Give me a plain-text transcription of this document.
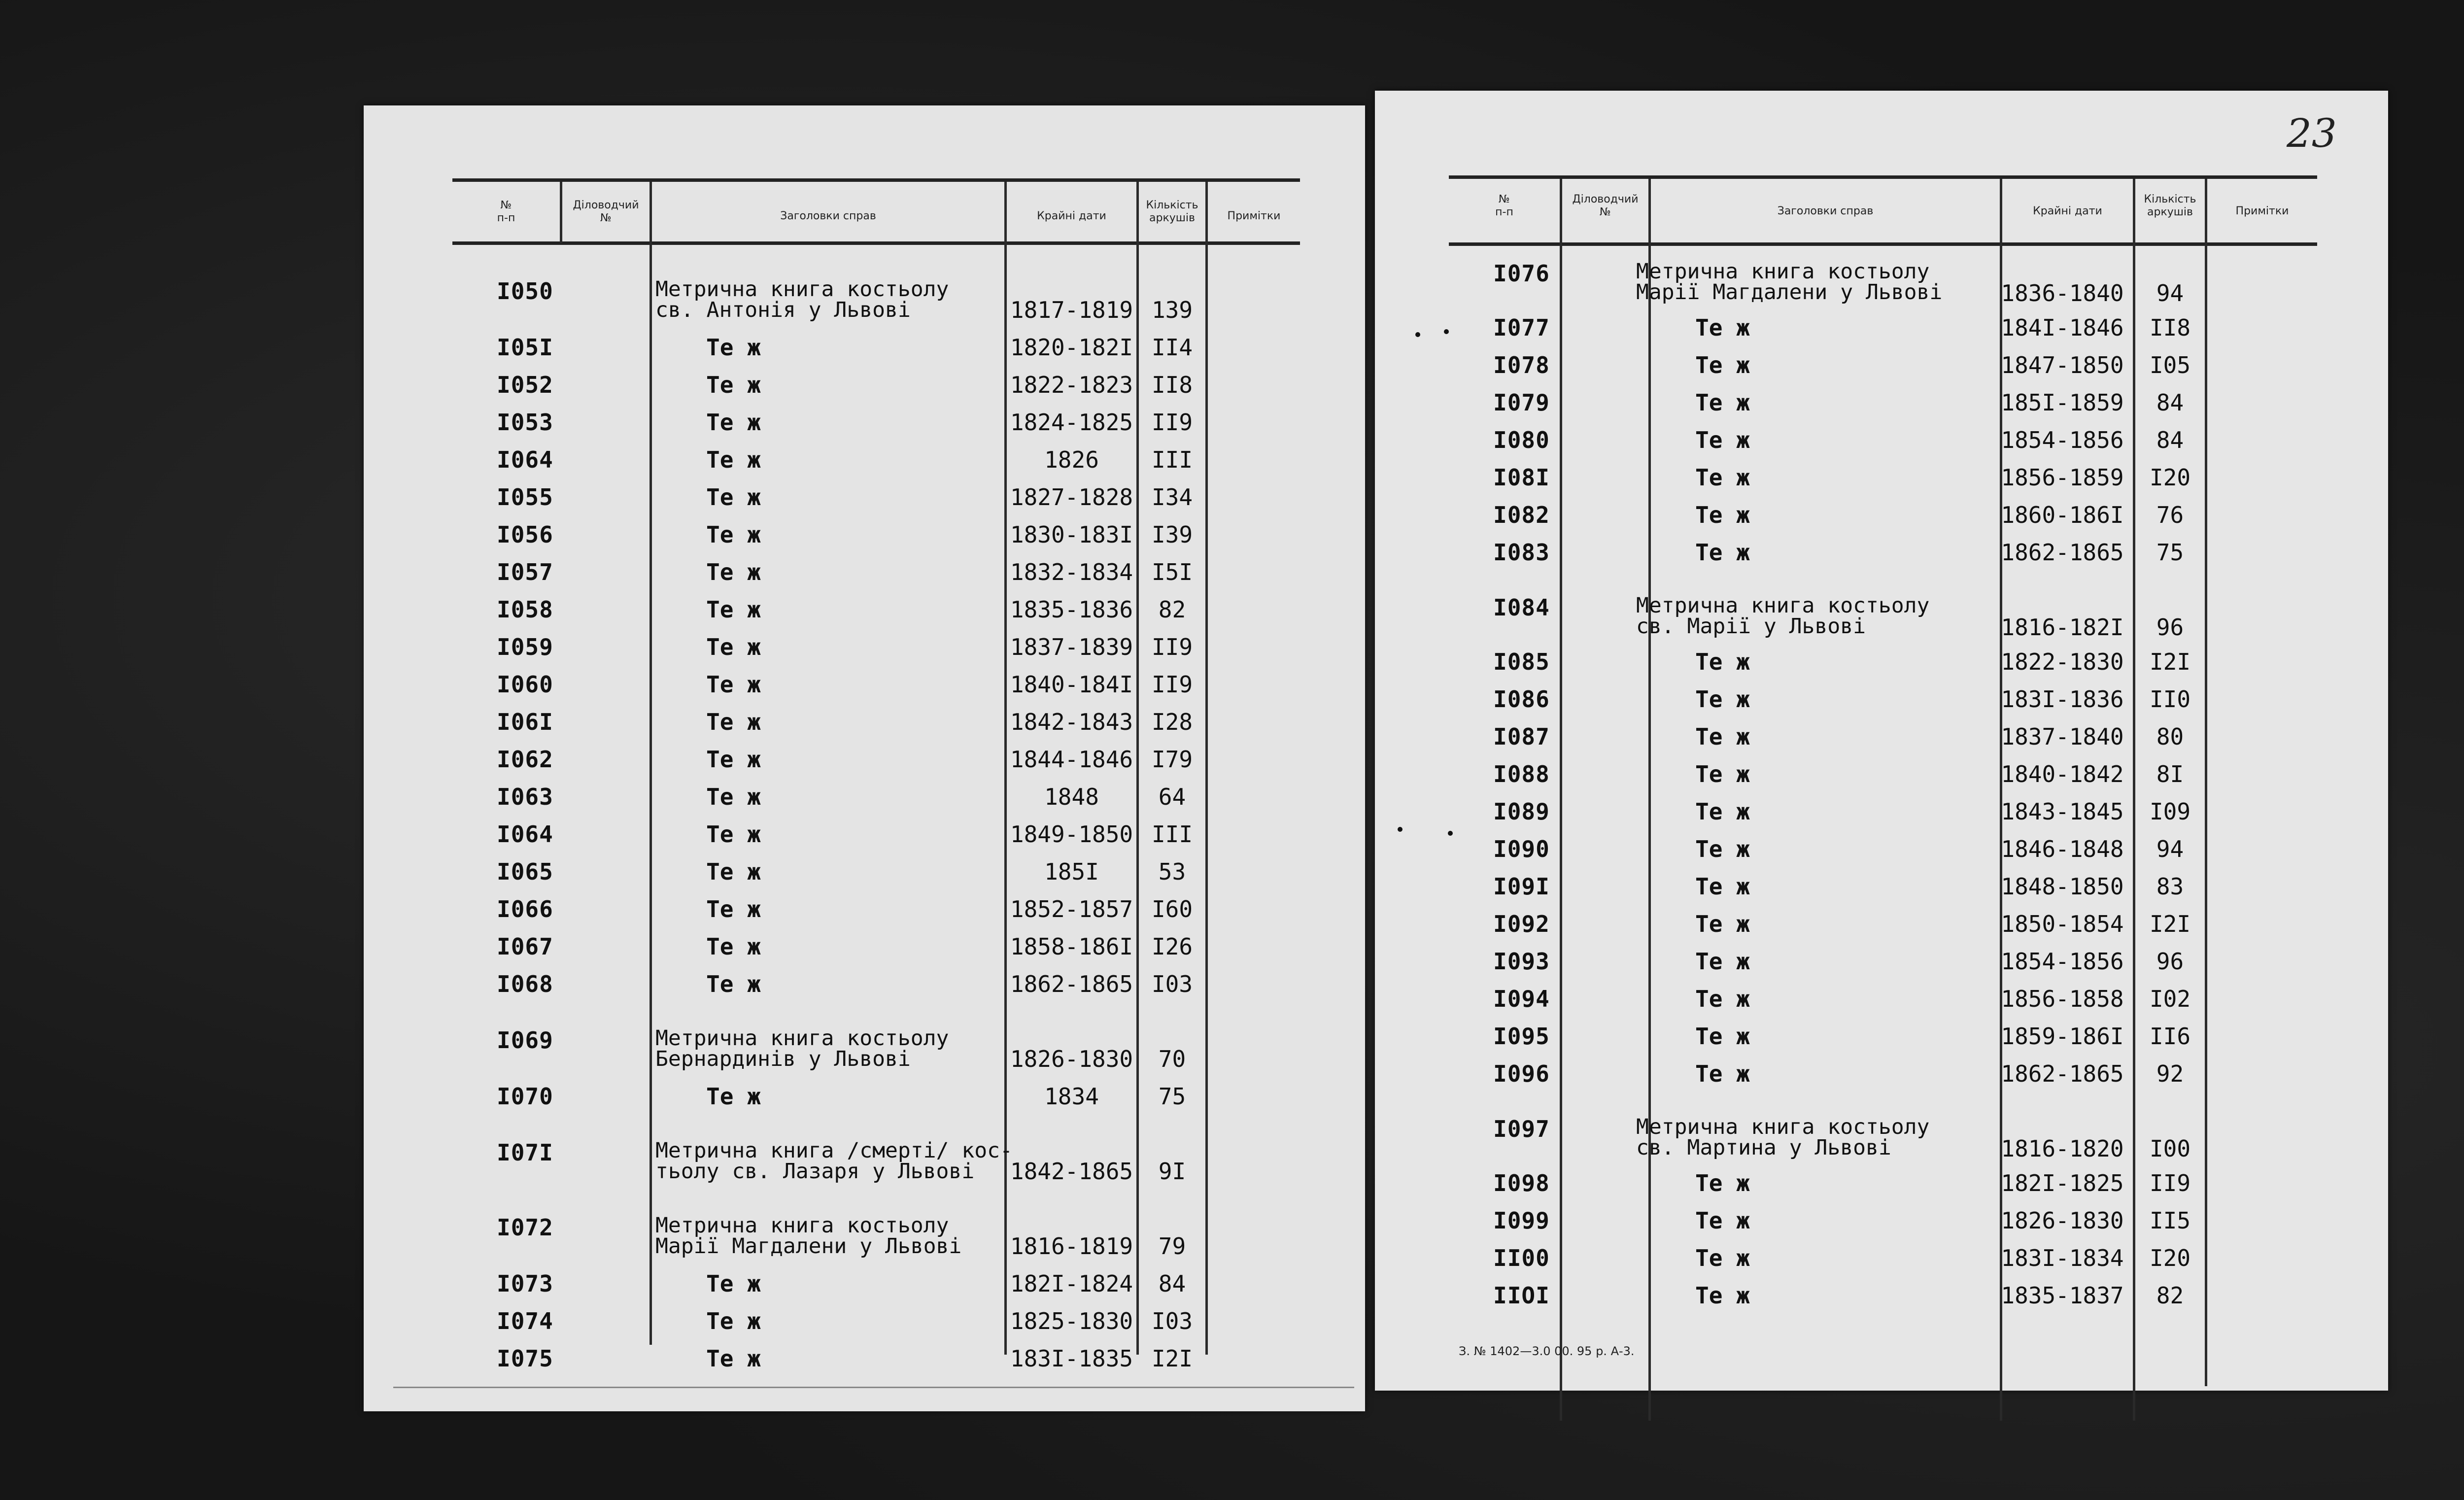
№
п-п
Діловодчий
№	Заголовки справ	Крайні дати
Кількість
аркушів	Примітки
I050	Метрична книга костьолу
св. Антонія у Львові	1817-1819 139
I05I	Те ж	1820-182I II4
I052	Те ж	1822-1823 II8
I053	Те ж	1824-1825 II9
I064	Те ж	1826	III
I055	Те ж	1827-1828 I34
I056	Те ж	1830-183I I39
I057	Те ж	1832-1834 I5I
I058	Те ж	1835-1836	82
I059	Те ж	1837-1839 II9
I060	Те ж	1840-184I II9
I06I	Те ж	1842-1843 I28
I062	Те ж	1844-1846 I79
I063	Те ж	1848	64
I064	Те ж	1849-1850 III
I065	Те ж	185I	53
I066	Те ж	1852-1857 I60
I067	Те ж	1858-186I I26
I068	Те ж	1862-1865 I03
I069	Метрична книга костьолу
Бернардинів у Львові	1826-1830	70
I070	Те ж	1834	75
I07I	Метрична книга /смерті/ кос-
тьолу св. Лазаря у Львові	1842-1865	9I
I072	Метрична книга костьолу
Марії Магдалени у Львові 1816-1819	79
I073	Те ж	182I-1824	84
I074	Те ж	1825-1830 I03
I075	Те ж	183I-1835 I2I
23
№
п-п
Діловодчий
№	Заголовки справ	Крайні дати
Кількість
аркушів	Примітки
I076	Метрична книга костьолу
Марії Магдалени у Львові	1836-1840	94
I077	Те ж	184I-1846	II8
I078	Те ж	1847-1850	I05
I079	Те ж	185I-1859	84
I080	Те ж	1854-1856	84
I08I	Те ж	1856-1859	I20
I082	Те ж	1860-186I	76
I083	Те ж	1862-1865	75
I084	Метрична книга костьолу
св. Марії у Львові	1816-182I	96
I085	Те ж	1822-1830	I2I
I086	Те ж	183I-1836	II0
I087	Те ж	1837-1840	80
I088	Те ж	1840-1842	8I
I089	Те ж	1843-1845	I09
I090	Те ж	1846-1848	94
I09I	Те ж	1848-1850	83
I092	Те ж	1850-1854	I2I
I093	Те ж	1854-1856	96
I094	Те ж	1856-1858	I02
I095	Те ж	1859-186I	II6
I096	Те ж	1862-1865	92
I097	Метрична книга костьолу
св. Мартина у Львові	1816-1820	I00
I098	Те ж	182I-1825	II9
I099	Те ж	1826-1830	II5
II00	Те ж	183I-1834	I20
IIOI	Те ж	1835-1837	82
З. № 1402—3.0 00. 95 р. А-3.
